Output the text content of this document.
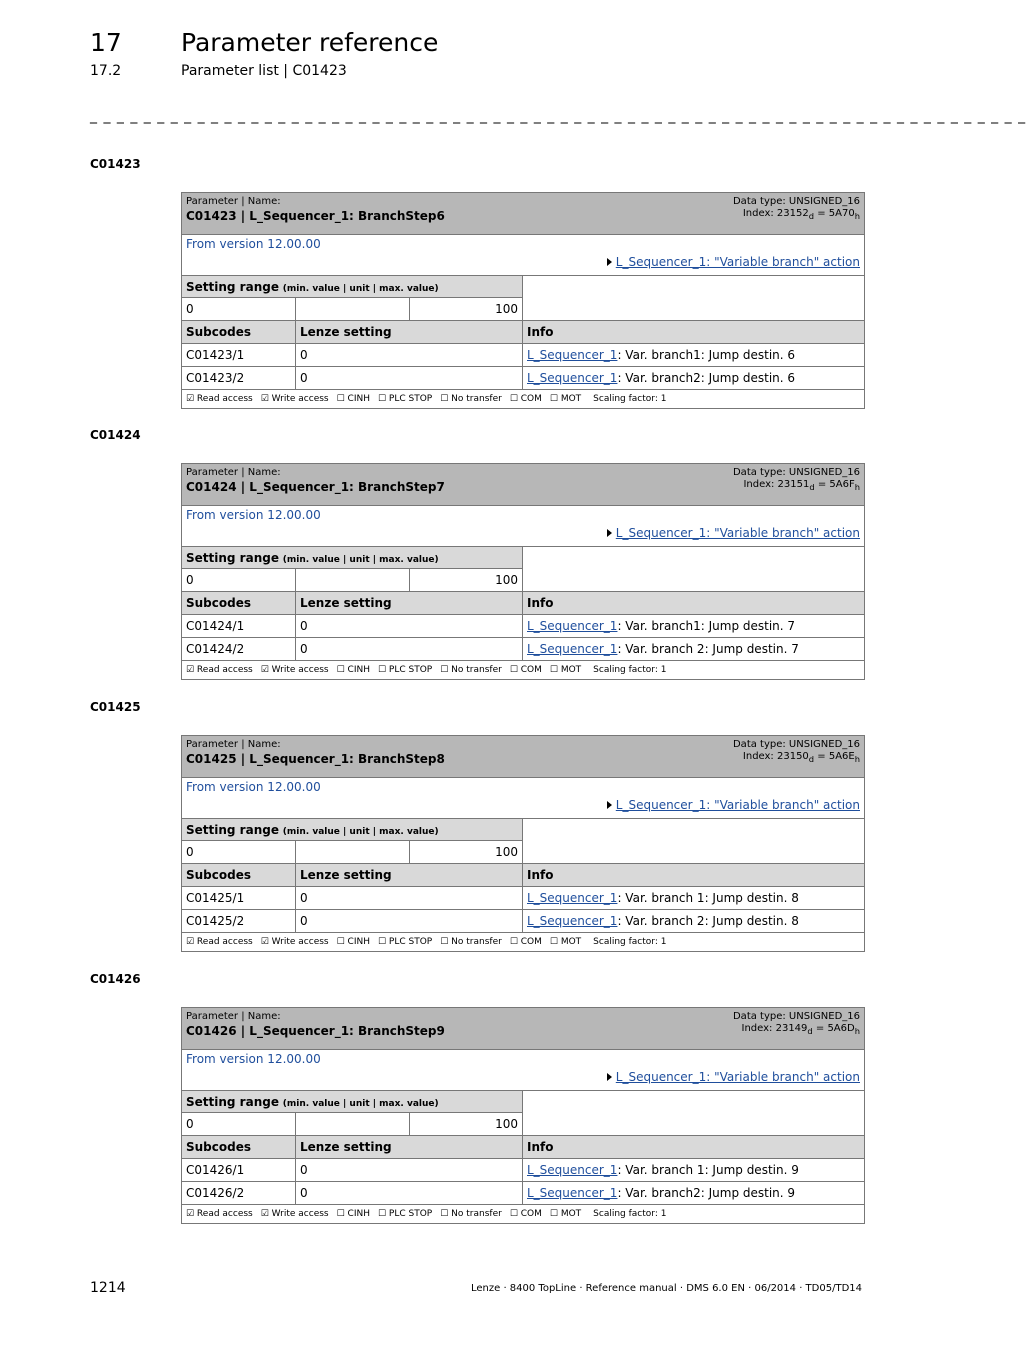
17 Parameter reference
17.2	Parameter list | C01423
_ _ _ _ _ _ _ _ _ _ _ _ _ _ _ _ _ _ _ _ _ _ _ _ _ _ _ _ _ _ _ _ _ _ _ _ _ _ _ _ _ _ _ _ _ _ _ _ _ _ _ _ _ _ _ _ _ _ _ _ _ _ _ _ _ _ _ _ _ _
C01423
Parameter | Name:
C01423 | L_Sequencer_1: BranchStep6
Data type: UNSIGNED_16
Index: $23152_d = 5A70_h$

From version 12.00.00
L_Sequencer_1: "Variable branch" action			

Setting range (min. value | unit | max. value)			
0		100	
Subcodes	Lenze setting		Info
C01423/1	0		L_Sequencer_1: Var. branch1: Jump destin. 6
C01423/2	0		L_Sequencer_1: Var. branch2: Jump destin. 6
☑ Read access ☑ Write access ☐ CINH ☐ PLC STOP ☐ No transfer ☐ COM ☐ MOT Scaling factor: 1			
C01424
Parameter | Name:
C01424 | L_Sequencer_1: BranchStep7
Data type: UNSIGNED_16
Index: $23151_d = 5A6F_h$

From version 12.00.00
L_Sequencer_1: "Variable branch" action			

Setting range (min. value | unit | max. value)			
0		100	
Subcodes	Lenze setting		Info
C01424/1	0		L_Sequencer_1: Var. branch1: Jump destin. 7
C01424/2	0		L_Sequencer_1: Var. branch 2: Jump destin. 7
☑ Read access ☑ Write access ☐ CINH ☐ PLC STOP ☐ No transfer ☐ COM ☐ MOT Scaling factor: 1			
C01425
Parameter | Name:
C01425 | L_Sequencer_1: BranchStep8
Data type: UNSIGNED_16
Index: $23150_d = 5A6E_h$

From version 12.00.00
L_Sequencer_1: "Variable branch" action			

Setting range (min. value | unit | max. value)			
0		100	
Subcodes	Lenze setting		Info
C01425/1	0		L_Sequencer_1: Var. branch 1: Jump destin. 8
C01425/2	0		L_Sequencer_1: Var. branch 2: Jump destin. 8
☑ Read access ☑ Write access ☐ CINH ☐ PLC STOP ☐ No transfer ☐ COM ☐ MOT Scaling factor: 1			
C01426
Parameter | Name:
C01426 | L_Sequencer_1: BranchStep9
Data type: UNSIGNED_16
Index: $23149_d = 5A6D_h$

From version 12.00.00
L_Sequencer_1: "Variable branch" action			

Setting range (min. value | unit | max. value)			
0		100	
Subcodes	Lenze setting		Info
C01426/1	0		L_Sequencer_1: Var. branch 1: Jump destin. 9
C01426/2	0		L_Sequencer_1: Var. branch2: Jump destin. 9
☑ Read access ☑ Write access ☐ CINH ☐ PLC STOP ☐ No transfer ☐ COM ☐ MOT Scaling factor: 1			
1214	Lenze · 8400 TopLine · Reference manual · DMS 6.0 EN · 06/2014 · TD05/TD14
